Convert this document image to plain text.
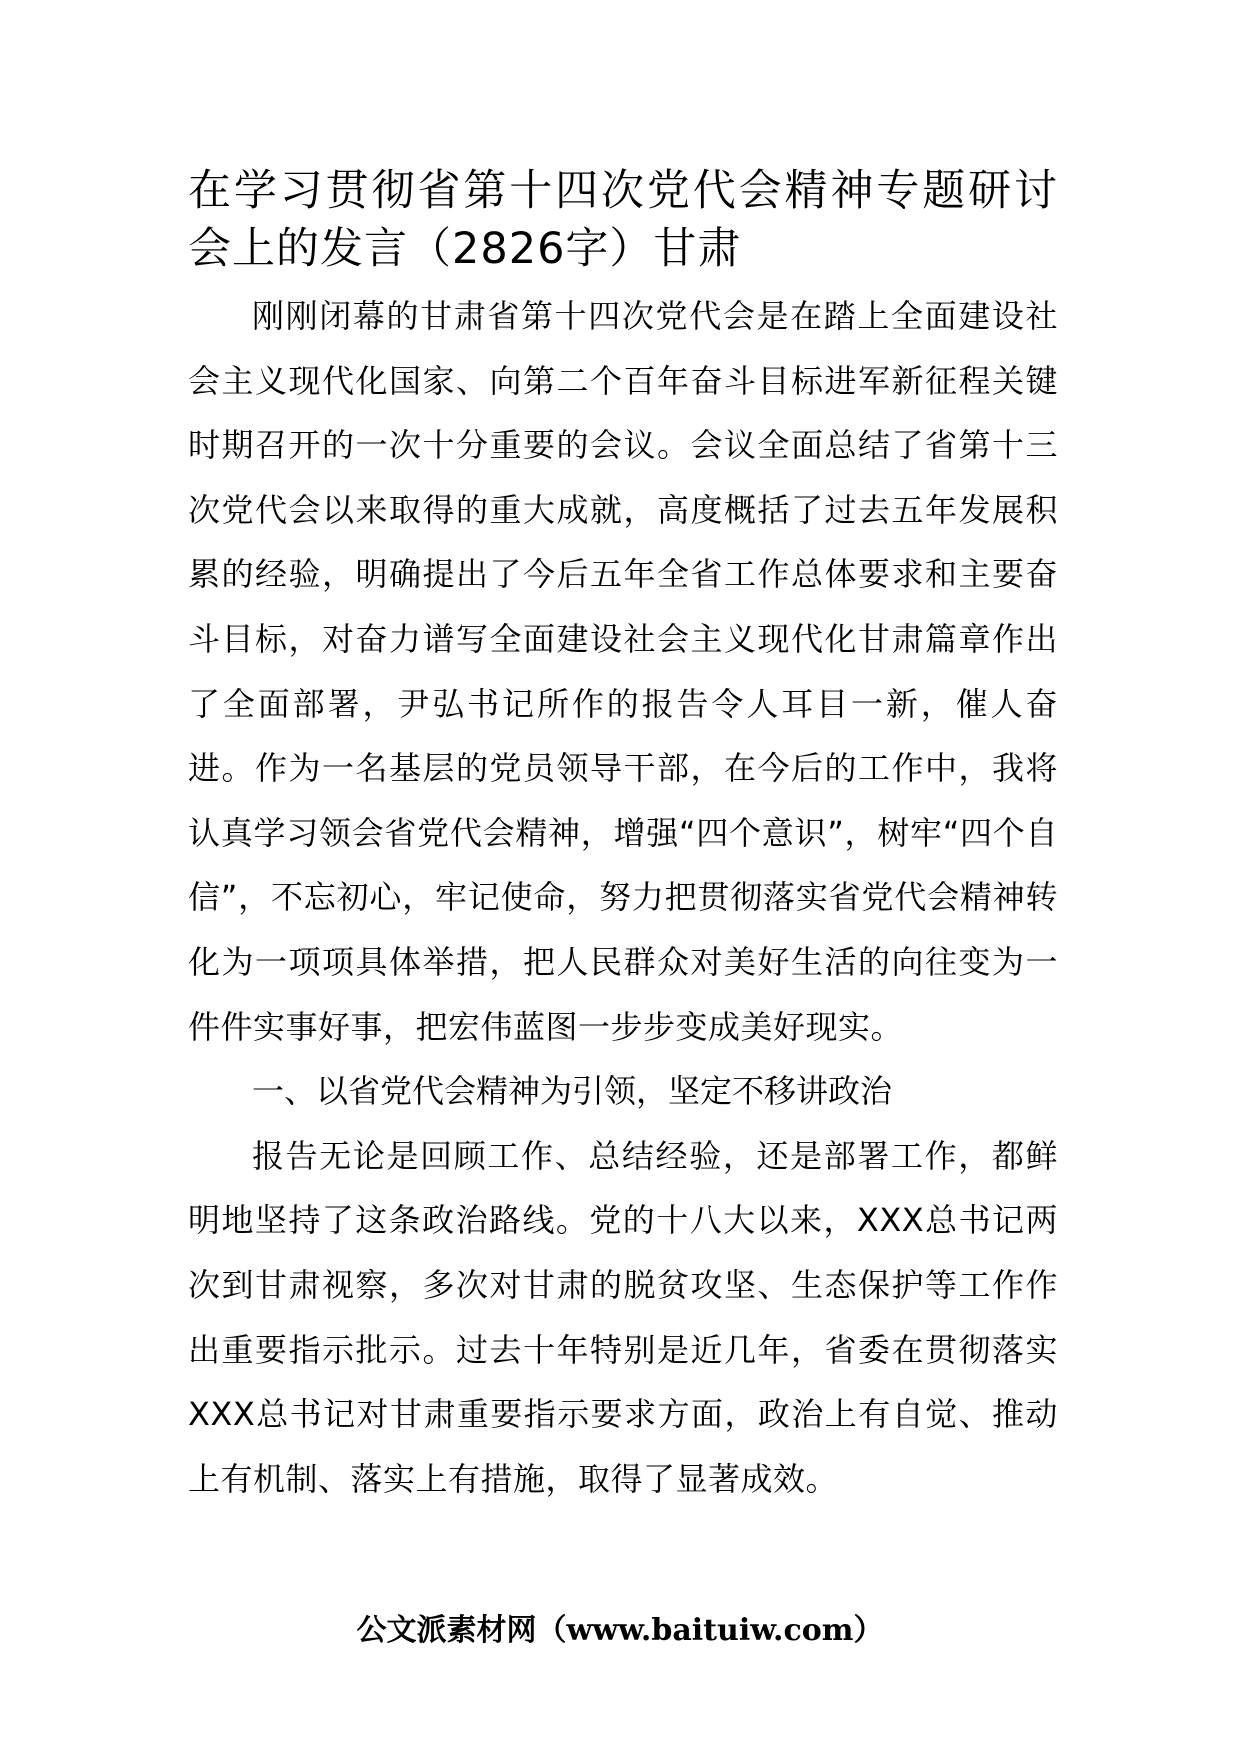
在学习贯彻省第十四次党代会精神专题研讨会上的发言（2826字）甘肃

刚刚闭幕的甘肃省第十四次党代会是在踏上全面建设社会主义现代化国家、向第二个百年奋斗目标进军新征程关键时期召开的一次十分重要的会议。会议全面总结了省第十三次党代会以来取得的重大成就，高度概括了过去五年发展积累的经验，明确提出了今后五年全省工作总体要求和主要奋斗目标，对奋力谱写全面建设社会主义现代化甘肃篇章作出了全面部署，尹弘书记所作的报告令人耳目一新，催人奋进。作为一名基层的党员领导干部，在今后的工作中，我将认真学习领会省党代会精神，增强“四个意识”，树牢“四个自信”，不忘初心，牢记使命，努力把贯彻落实省党代会精神转化为一项项具体举措，把人民群众对美好生活的向往变为一件件实事好事，把宏伟蓝图一步步变成美好现实。

一、以省党代会精神为引领，坚定不移讲政治

报告无论是回顾工作、总结经验，还是部署工作，都鲜明地坚持了这条政治路线。党的十八大以来，XXX总书记两次到甘肃视察，多次对甘肃的脱贫攻坚、生态保护等工作作出重要指示批示。过去十年特别是近几年，省委在贯彻落实XXX总书记对甘肃重要指示要求方面，政治上有自觉、推动上有机制、落实上有措施，取得了显著成效。

公文派素材网（www.baituiw.com）
